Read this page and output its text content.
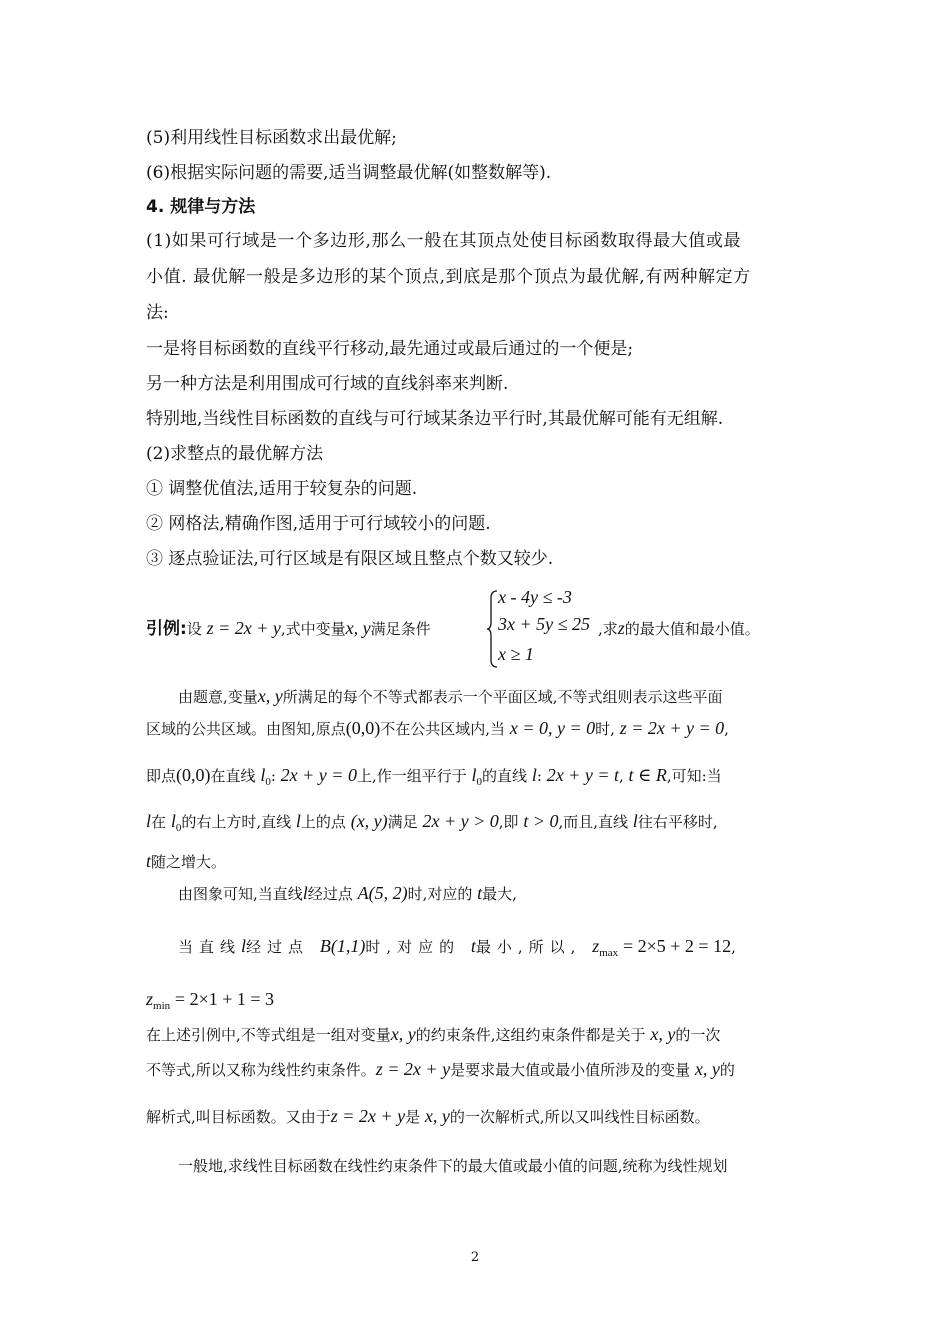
(5)利用线性目标函数求出最优解;
(6)根据实际问题的需要,适当调整最优解(如整数解等).
4. 规律与方法
(1)如果可行域是一个多边形,那么一般在其顶点处使目标函数取得最大值或最
小值. 最优解一般是多边形的某个顶点,到底是那个顶点为最优解,有两种解定方
法:
一是将目标函数的直线平行移动,最先通过或最后通过的一个便是;
另一种方法是利用围成可行域的直线斜率来判断.
特别地,当线性目标函数的直线与可行域某条边平行时,其最优解可能有无组解.
(2)求整点的最优解方法
① 调整优值法,适用于较复杂的问题.
② 网格法,精确作图,适用于可行域较小的问题.
③ 逐点验证法,可行区域是有限区域且整点个数又较少.
引例:设 z = 2x + y,式中变量x, y满足条件
x - 4y ≤ -3
3x + 5y ≤ 25
x ≥ 1
,求z的最大值和最小值。
由题意,变量x, y所满足的每个不等式都表示一个平面区域,不等式组则表示这些平面
区域的公共区域。由图知,原点(0,0)不在公共区域内,当 x = 0, y = 0时, z = 2x + y = 0,
即点(0,0)在直线 $l_0$: 2x + y = 0上,作一组平行于 $l_0$的直线 l: 2x + y = t, t ∈ R,可知:当
l在 $l_0$的右上方时,直线 l上的点 (x, y)满足 2x + y > 0,即 t > 0,而且,直线 l往右平移时,
t随之增大。
由图象可知,当直线l经过点 A(5, 2)时,对应的 t最大,
当直线l经过点 B(1,1)时,对应的 t最小,所以, $z_{max} = 2\times 5 + 2 = 12$,
$z_{min} = 2\times 1 + 1 = 3$
在上述引例中,不等式组是一组对变量x, y的约束条件,这组约束条件都是关于 x, y的一次
不等式,所以又称为线性约束条件。z = 2x + y是要求最大值或最小值所涉及的变量 x, y的
解析式,叫目标函数。又由于z = 2x + y是 x, y的一次解析式,所以又叫线性目标函数。
一般地,求线性目标函数在线性约束条件下的最大值或最小值的问题,统称为线性规划
2
